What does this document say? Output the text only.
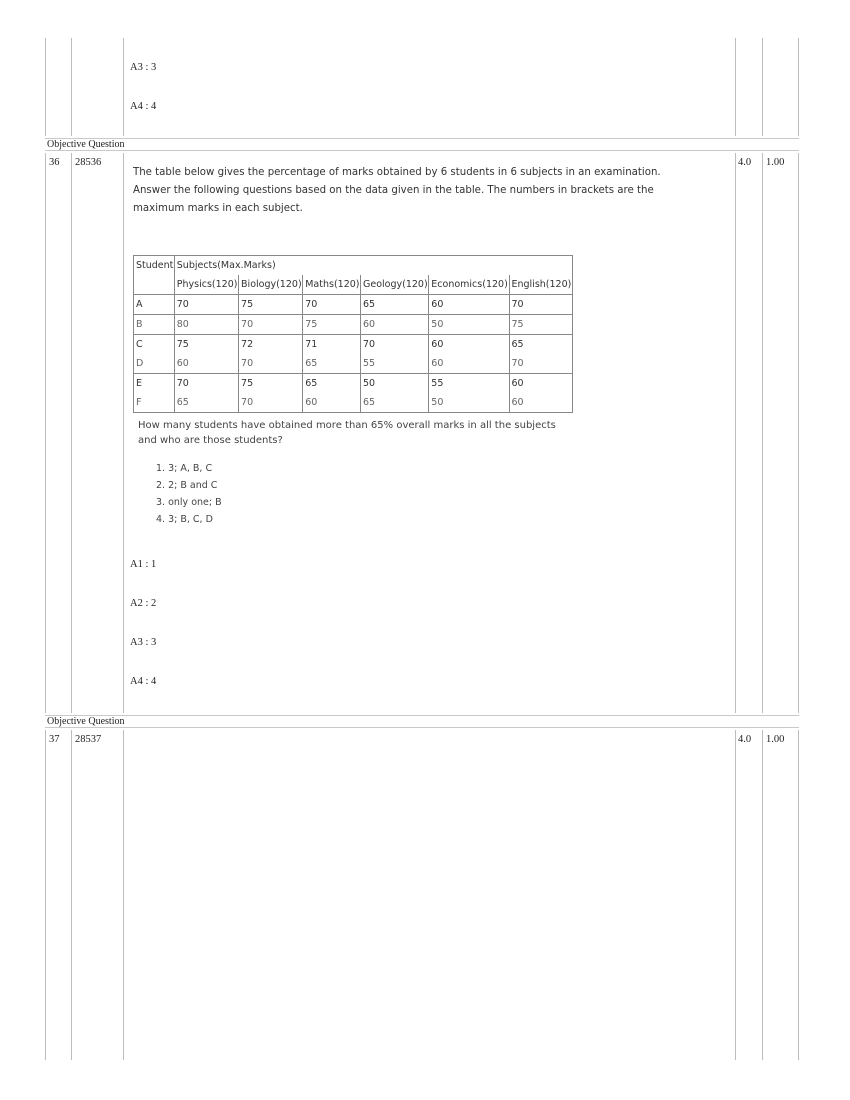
A3 : 3
A4 : 4
Objective Question
36 28536	4.0 1.00
The table below gives the percentage of marks obtained by 6 students in 6 subjects in an examination. Answer the following questions based on the data given in the table. The numbers in brackets are the maximum marks in each subject.
Student	Subjects(Max.Marks)					
	Physics(120)	Biology(120)	Maths(120)	Geology(120)	Economics(120)	English(120)
A	70	75	70	65	60	70
B	80	70	75	60	50	75
C	75	72	71	70	60	65
D	60	70	65	55	60	70
E	70	75	65	50	55	60
F	65	70	60	65	50	60
How many students have obtained more than 65% overall marks in all the subjects and who are those students?
1. 3; A, B, C
2. 2; B and C
3. only one; B
4. 3; B, C, D
A1 : 1
A2 : 2
A3 : 3
A4 : 4
Objective Question
37 28537	4.0 1.00
